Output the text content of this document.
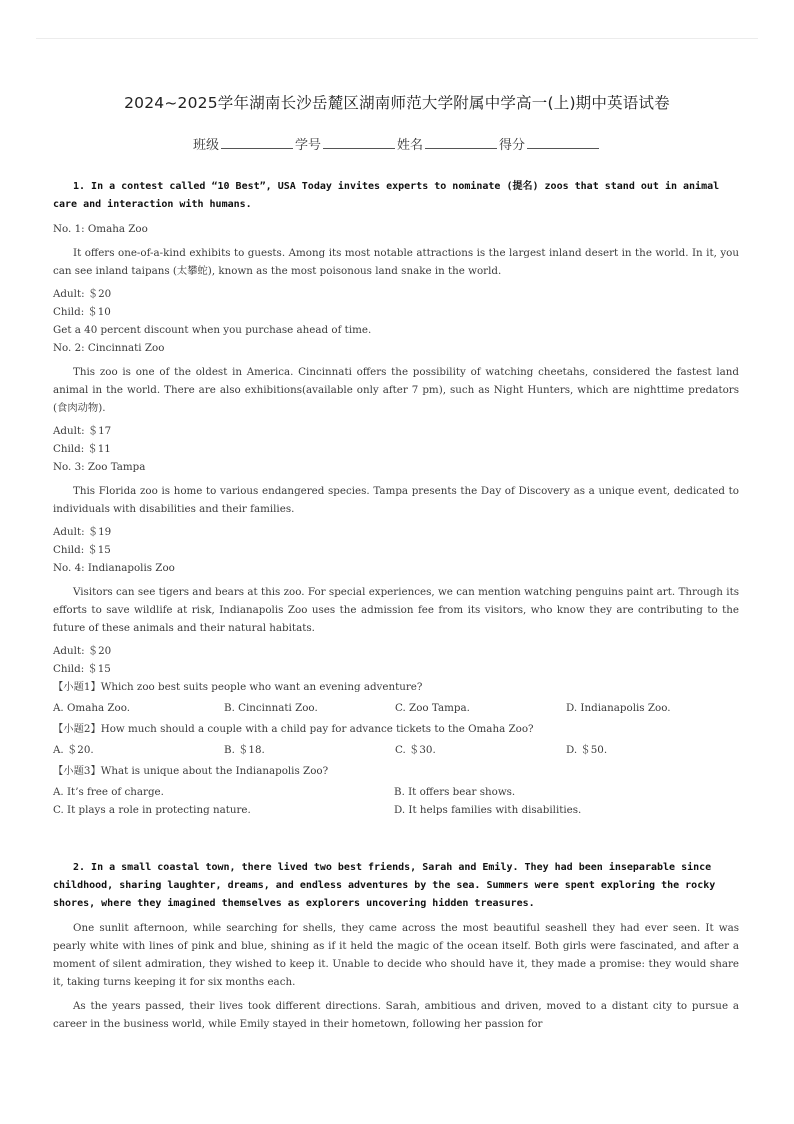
2024~2025学年湖南长沙岳麓区湖南师范大学附属中学高一(上)期中英语试卷
班级	学号	姓名	得分

1. In a contest called “10 Best”, USA Today invites experts to nominate (提名) zoos that stand out in animal care and interaction with humans.

No. 1: Omaha Zoo

It offers one-of-a-kind exhibits to guests. Among its most notable attractions is the largest inland desert in the world. In it, you can see inland taipans (太攀蛇), known as the most poisonous land snake in the world.

Adult: ＄20

Child: ＄10

Get a 40 percent discount when you purchase ahead of time.

No. 2: Cincinnati Zoo

This zoo is one of the oldest in America. Cincinnati offers the possibility of watching cheetahs, considered the fastest land animal in the world. There are also exhibitions(available only after 7 pm), such as Night Hunters, which are nighttime predators (食肉动物).

Adult: ＄17

Child: ＄11

No. 3: Zoo Tampa

This Florida zoo is home to various endangered species. Tampa presents the Day of Discovery as a unique event, dedicated to individuals with disabilities and their families.

Adult: ＄19

Child: ＄15

No. 4: Indianapolis Zoo

Visitors can see tigers and bears at this zoo. For special experiences, we can mention watching penguins paint art. Through its efforts to save wildlife at risk, Indianapolis Zoo uses the admission fee from its visitors, who know they are contributing to the future of these animals and their natural habitats.

Adult: ＄20

Child: ＄15

【小题1】Which zoo best suits people who want an evening adventure?

A. Omaha Zoo.	B. Cincinnati Zoo.	C. Zoo Tampa.	D. Indianapolis Zoo.

【小题2】How much should a couple with a child pay for advance tickets to the Omaha Zoo?

A. ＄20.	B. ＄18.	C. ＄30.	D. ＄50.

【小题3】What is unique about the Indianapolis Zoo?

A. It’s free of charge.	B. It offers bear shows.
C. It plays a role in protecting nature.	D. It helps families with disabilities.

2. In a small coastal town, there lived two best friends, Sarah and Emily. They had been inseparable since childhood, sharing laughter, dreams, and endless adventures by the sea. Summers were spent exploring the rocky shores, where they imagined themselves as explorers uncovering hidden treasures.

One sunlit afternoon, while searching for shells, they came across the most beautiful seashell they had ever seen. It was pearly white with lines of pink and blue, shining as if it held the magic of the ocean itself. Both girls were fascinated, and after a moment of silent admiration, they wished to keep it. Unable to decide who should have it, they made a promise: they would share it, taking turns keeping it for six months each.

As the years passed, their lives took different directions. Sarah, ambitious and driven, moved to a distant city to pursue a career in the business world, while Emily stayed in their hometown, following her passion for
